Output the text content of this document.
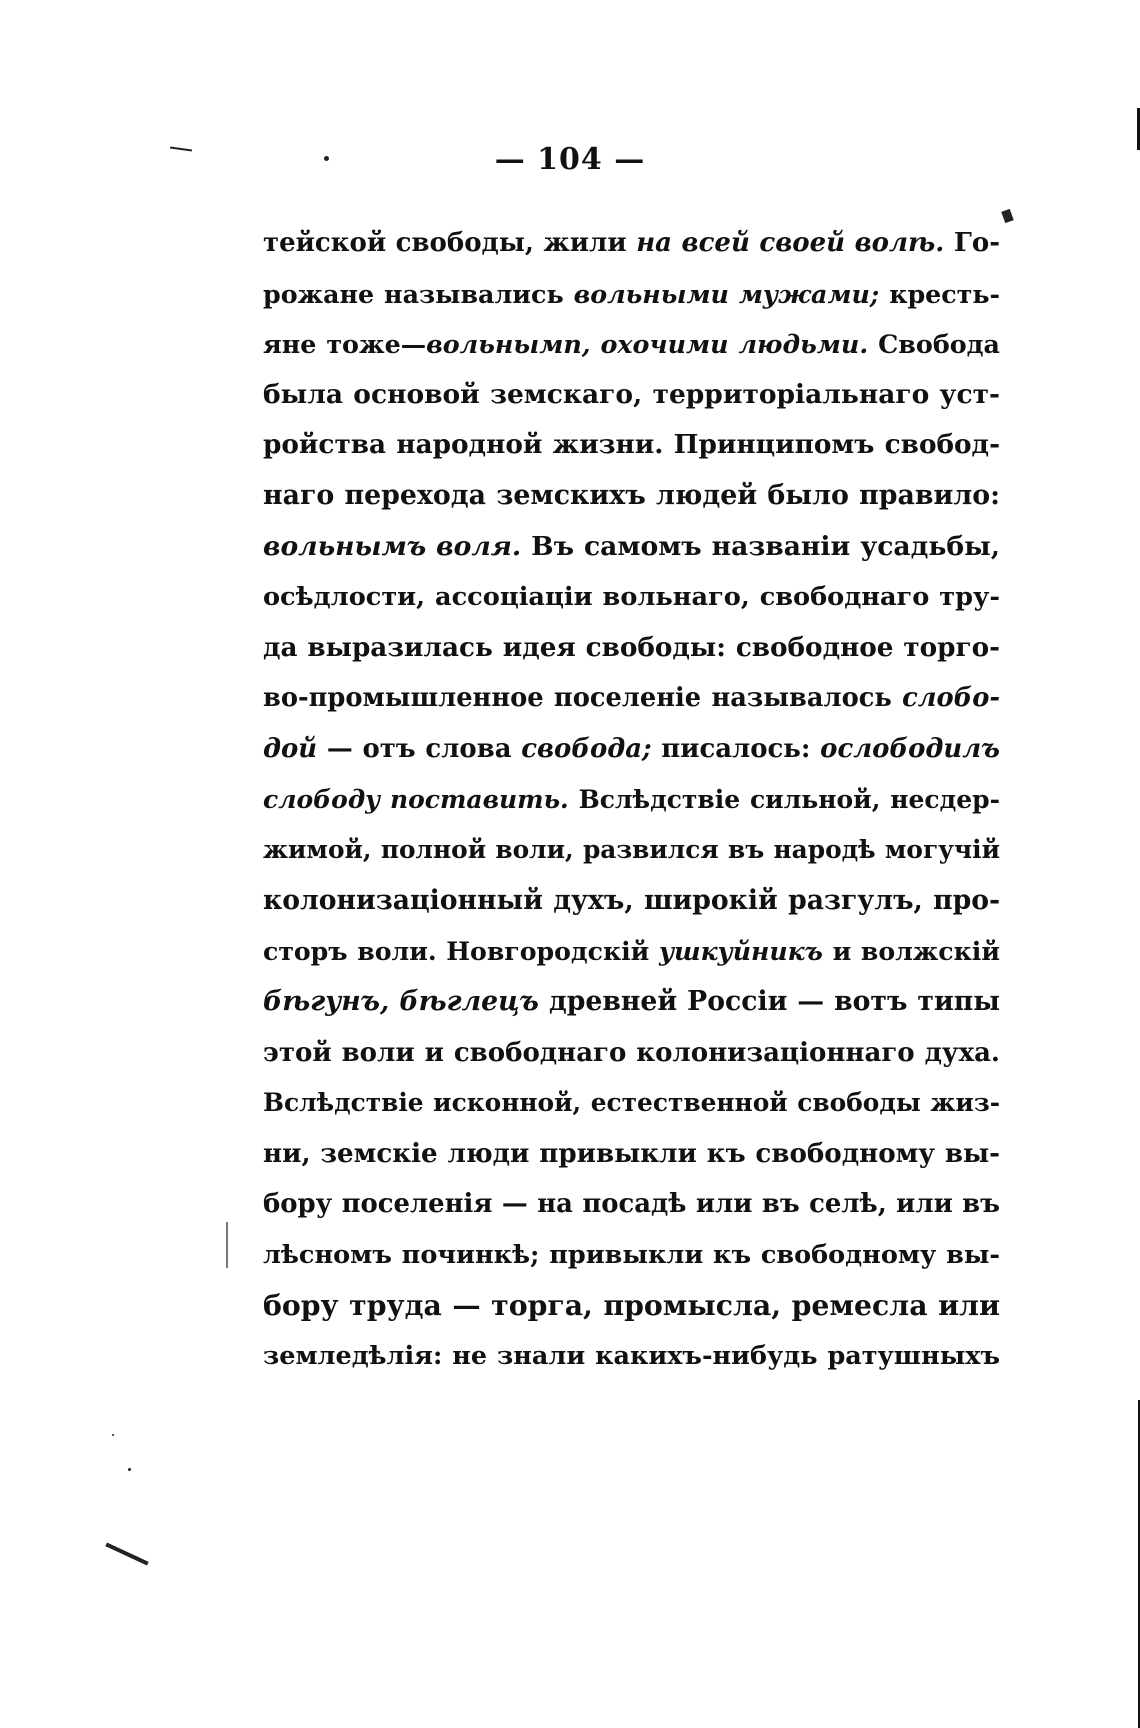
— 104 —
тейской свободы, жили на всей своей волѣ. Го-
рожане назывались вольными мужами; кресть-
яне тоже—вольнымп, охочими людьми. Свобода
была основой земскаго, территоріальнаго уст-
ройства народной жизни. Принципомъ свобод-
наго перехода земскихъ людей было правило:
вольнымъ воля. Въ самомъ названіи усадьбы,
осѣдлости, ассоціаціи вольнаго, свободнаго тру-
да выразилась идея свободы: свободное торго-
во-промышленное поселеніе называлось слобо-
дой — отъ слова свобода; писалось: ослободилъ
слободу поставить. Вслѣдствіе сильной, несдер-
жимой, полной воли, развился въ народѣ могучій
колонизаціонный духъ, широкій разгулъ, про-
сторъ воли. Новгородскій ушкуйникъ и волжскій
бѣгунъ, бѣглецъ древней Россіи — вотъ типы
этой воли и свободнаго колонизаціоннаго духа.
Вслѣдствіе исконной, естественной свободы жиз-
ни, земскіе люди привыкли къ свободному вы-
бору поселенія — на посадѣ или въ селѣ, или въ
лѣсномъ починкѣ; привыкли къ свободному вы-
бору труда — торга, промысла, ремесла или
земледѣлія: не знали какихъ-нибудь ратушныхъ
